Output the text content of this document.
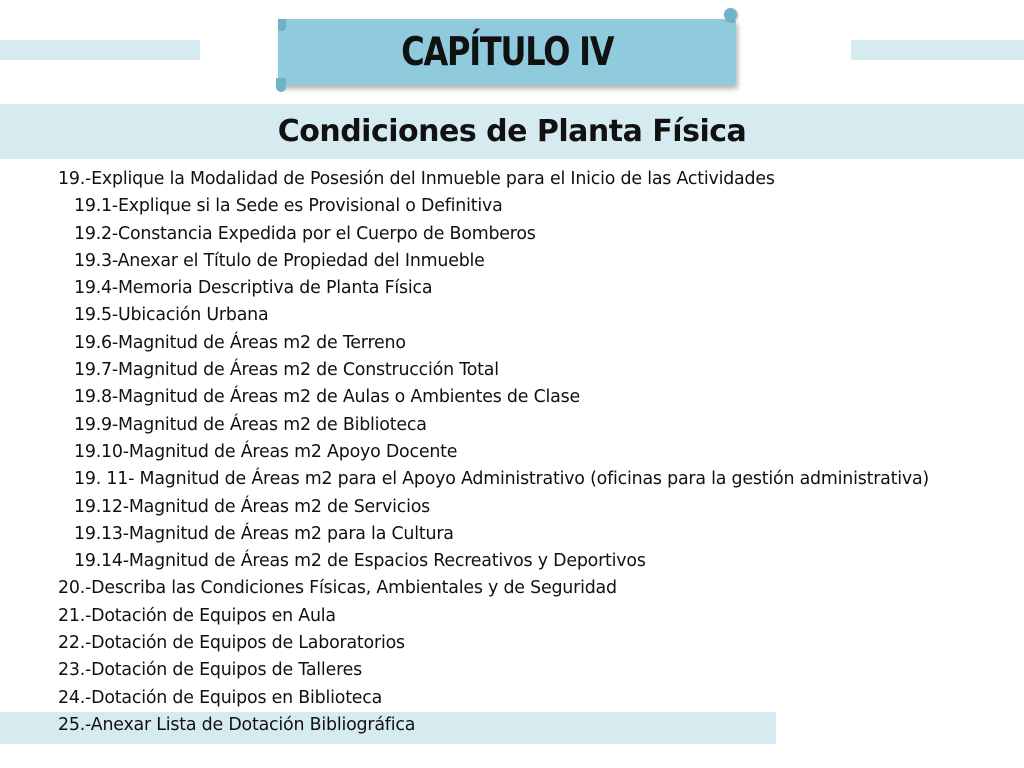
CAPÍTULO IV
Condiciones de Planta Física
19.-Explique la Modalidad de Posesión del Inmueble para el Inicio de las Actividades
19.1-Explique si la Sede es Provisional o Definitiva
19.2-Constancia Expedida por el Cuerpo de Bomberos
19.3-Anexar el Título de Propiedad del Inmueble
19.4-Memoria Descriptiva de Planta Física
19.5-Ubicación Urbana
19.6-Magnitud de Áreas m2 de Terreno
19.7-Magnitud de Áreas m2 de Construcción Total
19.8-Magnitud de Áreas m2 de Aulas o Ambientes de Clase
19.9-Magnitud de Áreas m2 de Biblioteca
19.10-Magnitud de Áreas m2 Apoyo Docente
19. 11- Magnitud de Áreas m2 para el Apoyo Administrativo (oficinas para la gestión administrativa)
19.12-Magnitud de Áreas m2 de Servicios
19.13-Magnitud de Áreas m2 para la Cultura
19.14-Magnitud de Áreas m2 de Espacios Recreativos y Deportivos
20.-Describa las Condiciones Físicas, Ambientales y de Seguridad
21.-Dotación de Equipos en Aula
22.-Dotación de Equipos de Laboratorios
23.-Dotación de Equipos de Talleres
24.-Dotación de Equipos en Biblioteca
25.-Anexar Lista de Dotación Bibliográfica
